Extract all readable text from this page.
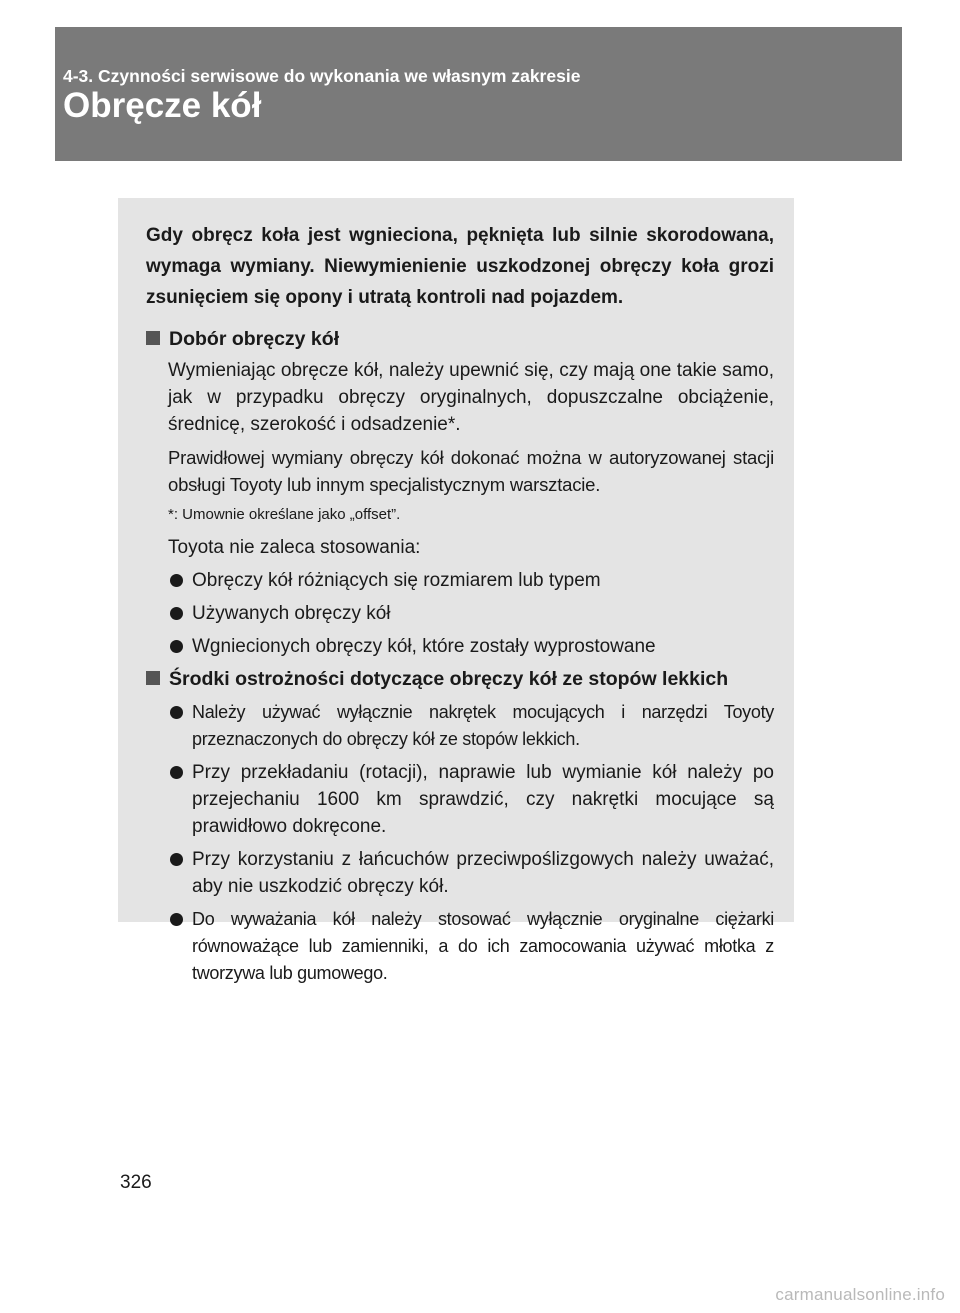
4-3. Czynności serwisowe do wykonania we własnym zakresie
Obręcze kół

Gdy obręcz koła jest wgnieciona, pęknięta lub silnie skorodowana, wymaga wymiany. Niewymienienie uszkodzonej obręczy koła grozi zsunięciem się opony i utratą kontroli nad pojazdem.

Dobór obręczy kół

Wymieniając obręcze kół, należy upewnić się, czy mają one takie samo, jak w przypadku obręczy oryginalnych, dopuszczalne obciążenie, średnicę, szerokość i odsadzenie*.

Prawidłowej wymiany obręczy kół dokonać można w autoryzowanej stacji obsługi Toyoty lub innym specjalistycznym warsztacie.

*: Umownie określane jako „offset”.

Toyota nie zaleca stosowania:

Obręczy kół różniących się rozmiarem lub typem
Używanych obręczy kół
Wgniecionych obręczy kół, które zostały wyprostowane
Środki ostrożności dotyczące obręczy kół ze stopów lekkich
Należy używać wyłącznie nakrętek mocujących i narzędzi Toyoty przeznaczonych do obręczy kół ze stopów lekkich.
Przy przekładaniu (rotacji), naprawie lub wymianie kół należy po przejechaniu 1600 km sprawdzić, czy nakrętki mocujące są prawidłowo dokręcone.
Przy korzystaniu z łańcuchów przeciwpoślizgowych należy uważać, aby nie uszkodzić obręczy kół.
Do wyważania kół należy stosować wyłącznie oryginalne ciężarki równoważące lub zamienniki, a do ich zamocowania używać młotka z tworzywa lub gumowego.
326
carmanualsonline.info
